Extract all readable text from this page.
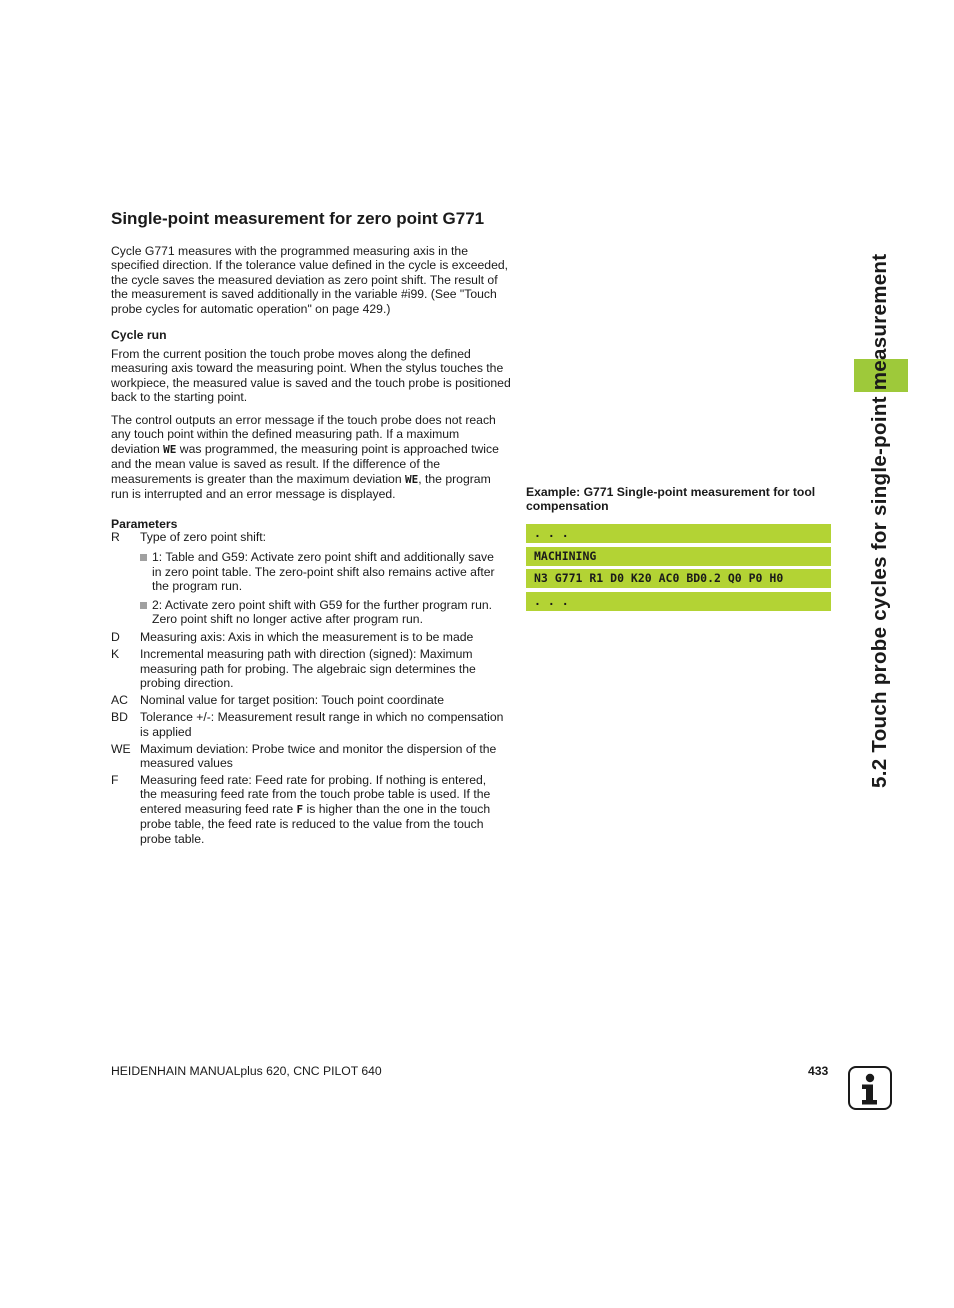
Single-point measurement for zero point G771

Cycle G771 measures with the programmed measuring axis in the specified direction. If the tolerance value defined in the cycle is exceeded, the cycle saves the measured deviation as zero point shift. The result of the measurement is saved additionally in the variable #i99. (See "Touch probe cycles for automatic operation" on page 429.)

Cycle run

From the current position the touch probe moves along the defined measuring axis toward the measuring point. When the stylus touches the workpiece, the measured value is saved and the touch probe is positioned back to the starting point.

The control outputs an error message if the touch probe does not reach any touch point within the defined measuring path. If a maximum deviation WE was programmed, the measuring point is approached twice and the mean value is saved as result. If the difference of the measurements is greater than the maximum deviation WE, the program run is interrupted and an error message is displayed.

Parameters

R	Type of zero point shift:
1: Table and G59: Activate zero point shift and additionally save in zero point table. The zero-point shift also remains active after the program run.
2: Activate zero point shift with G59 for the further program run. Zero point shift no longer active after program run.
D	Measuring axis: Axis in which the measurement is to be made
K	Incremental measuring path with direction (signed): Maximum measuring path for probing. The algebraic sign determines the probing direction.
AC Nominal value for target position: Touch point coordinate
BD Tolerance +/-: Measurement result range in which no compensation is applied
WE Maximum deviation: Probe twice and monitor the dispersion of the measured values
F	Measuring feed rate: Feed rate for probing. If nothing is entered, the measuring feed rate from the touch probe table is used. If the entered measuring feed rate F is higher than the one in the touch probe table, the feed rate is reduced to the value from the touch probe table.

Example: G771 Single-point measurement for tool compensation

. . .
MACHINING
N3 G771 R1 D0 K20 AC0 BD0.2 Q0 P0 H0
. . .	5.2 Touch probe cycles for single-point measurement
HEIDENHAIN MANUALplus 620, CNC PILOT 640	433
